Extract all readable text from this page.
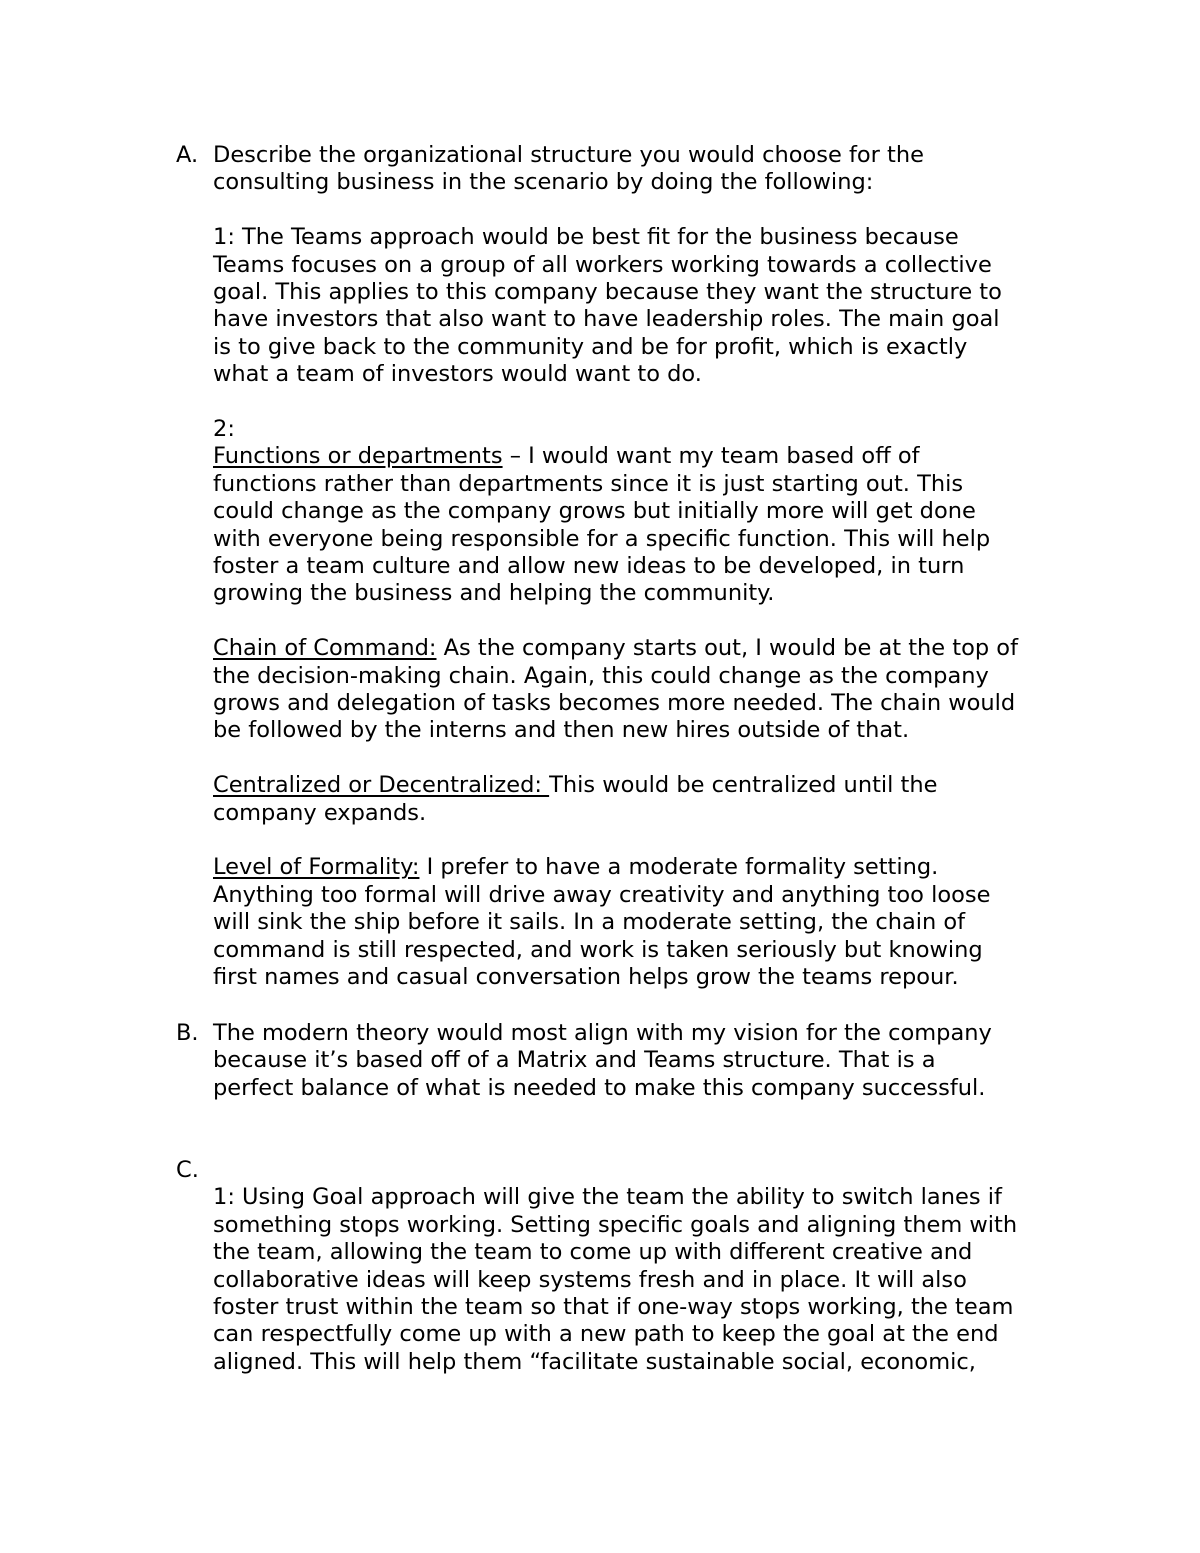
A. Describe the organizational structure you would choose for the
consulting business in the scenario by doing the following:
1: The Teams approach would be best fit for the business because
Teams focuses on a group of all workers working towards a collective
goal. This applies to this company because they want the structure to
have investors that also want to have leadership roles. The main goal
is to give back to the community and be for profit, which is exactly
what a team of investors would want to do.
2:
Functions or departments – I would want my team based off of
functions rather than departments since it is just starting out. This
could change as the company grows but initially more will get done
with everyone being responsible for a specific function. This will help
foster a team culture and allow new ideas to be developed, in turn
growing the business and helping the community.
Chain of Command: As the company starts out, I would be at the top of
the decision-making chain. Again, this could change as the company
grows and delegation of tasks becomes more needed. The chain would
be followed by the interns and then new hires outside of that.
Centralized or Decentralized: This would be centralized until the
company expands.
Level of Formality: I prefer to have a moderate formality setting.
Anything too formal will drive away creativity and anything too loose
will sink the ship before it sails. In a moderate setting, the chain of
command is still respected, and work is taken seriously but knowing
first names and casual conversation helps grow the teams repour.
B. The modern theory would most align with my vision for the company
because it’s based off of a Matrix and Teams structure. That is a
perfect balance of what is needed to make this company successful.
C.
1: Using Goal approach will give the team the ability to switch lanes if
something stops working. Setting specific goals and aligning them with
the team, allowing the team to come up with different creative and
collaborative ideas will keep systems fresh and in place. It will also
foster trust within the team so that if one-way stops working, the team
can respectfully come up with a new path to keep the goal at the end
aligned. This will help them “facilitate sustainable social, economic,
